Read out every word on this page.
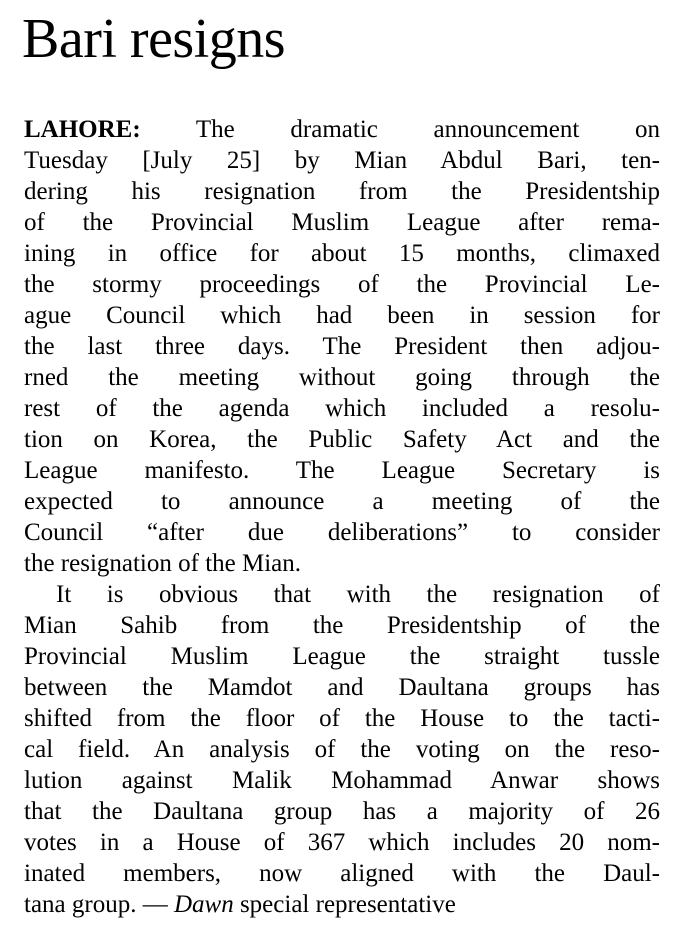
Bari resigns
LAHORE: The dramatic announcement on
Tuesday [July 25] by Mian Abdul Bari, ten-
dering his resignation from the Presidentship
of the Provincial Muslim League after rema-
ining in office for about 15 months, climaxed
the stormy proceedings of the Provincial Le-
ague Council which had been in session for
the last three days. The President then adjou-
rned the meeting without going through the
rest of the agenda which included a resolu-
tion on Korea, the Public Safety Act and the
League manifesto. The League Secretary is
expected to announce a meeting of the
Council “after due deliberations” to consider
the resignation of the Mian.
It is obvious that with the resignation of
Mian Sahib from the Presidentship of the
Provincial Muslim League the straight tussle
between the Mamdot and Daultana groups has
shifted from the floor of the House to the tacti-
cal field. An analysis of the voting on the reso-
lution against Malik Mohammad Anwar shows
that the Daultana group has a majority of 26
votes in a House of 367 which includes 20 nom-
inated members, now aligned with the Daul-
tana group. — Dawn special representative
